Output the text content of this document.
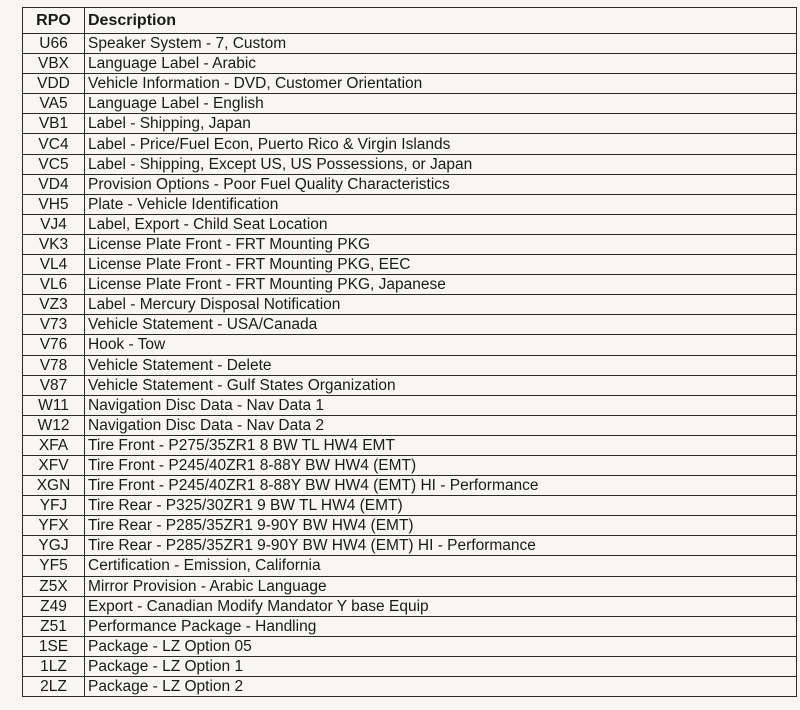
RPO	Description
U66	Speaker System - 7, Custom
VBX	Language Label - Arabic
VDD	Vehicle Information - DVD, Customer Orientation
VA5	Language Label - English
VB1	Label - Shipping, Japan
VC4	Label - Price/Fuel Econ, Puerto Rico & Virgin Islands
VC5	Label - Shipping, Except US, US Possessions, or Japan
VD4	Provision Options - Poor Fuel Quality Characteristics
VH5	Plate - Vehicle Identification
VJ4	Label, Export - Child Seat Location
VK3	License Plate Front - FRT Mounting PKG
VL4	License Plate Front - FRT Mounting PKG, EEC
VL6	License Plate Front - FRT Mounting PKG, Japanese
VZ3	Label - Mercury Disposal Notification
V73	Vehicle Statement - USA/Canada
V76	Hook - Tow
V78	Vehicle Statement - Delete
V87	Vehicle Statement - Gulf States Organization
W11	Navigation Disc Data - Nav Data 1
W12	Navigation Disc Data - Nav Data 2
XFA	Tire Front - P275/35ZR1 8 BW TL HW4 EMT
XFV	Tire Front - P245/40ZR1 8-88Y BW HW4 (EMT)
XGN	Tire Front - P245/40ZR1 8-88Y BW HW4 (EMT) HI - Performance
YFJ	Tire Rear - P325/30ZR1 9 BW TL HW4 (EMT)
YFX	Tire Rear - P285/35ZR1 9-90Y BW HW4 (EMT)
YGJ	Tire Rear - P285/35ZR1 9-90Y BW HW4 (EMT) HI - Performance
YF5	Certification - Emission, California
Z5X	Mirror Provision - Arabic Language
Z49	Export - Canadian Modify Mandator Y base Equip
Z51	Performance Package - Handling
1SE	Package - LZ Option 05
1LZ	Package - LZ Option 1
2LZ	Package - LZ Option 2
